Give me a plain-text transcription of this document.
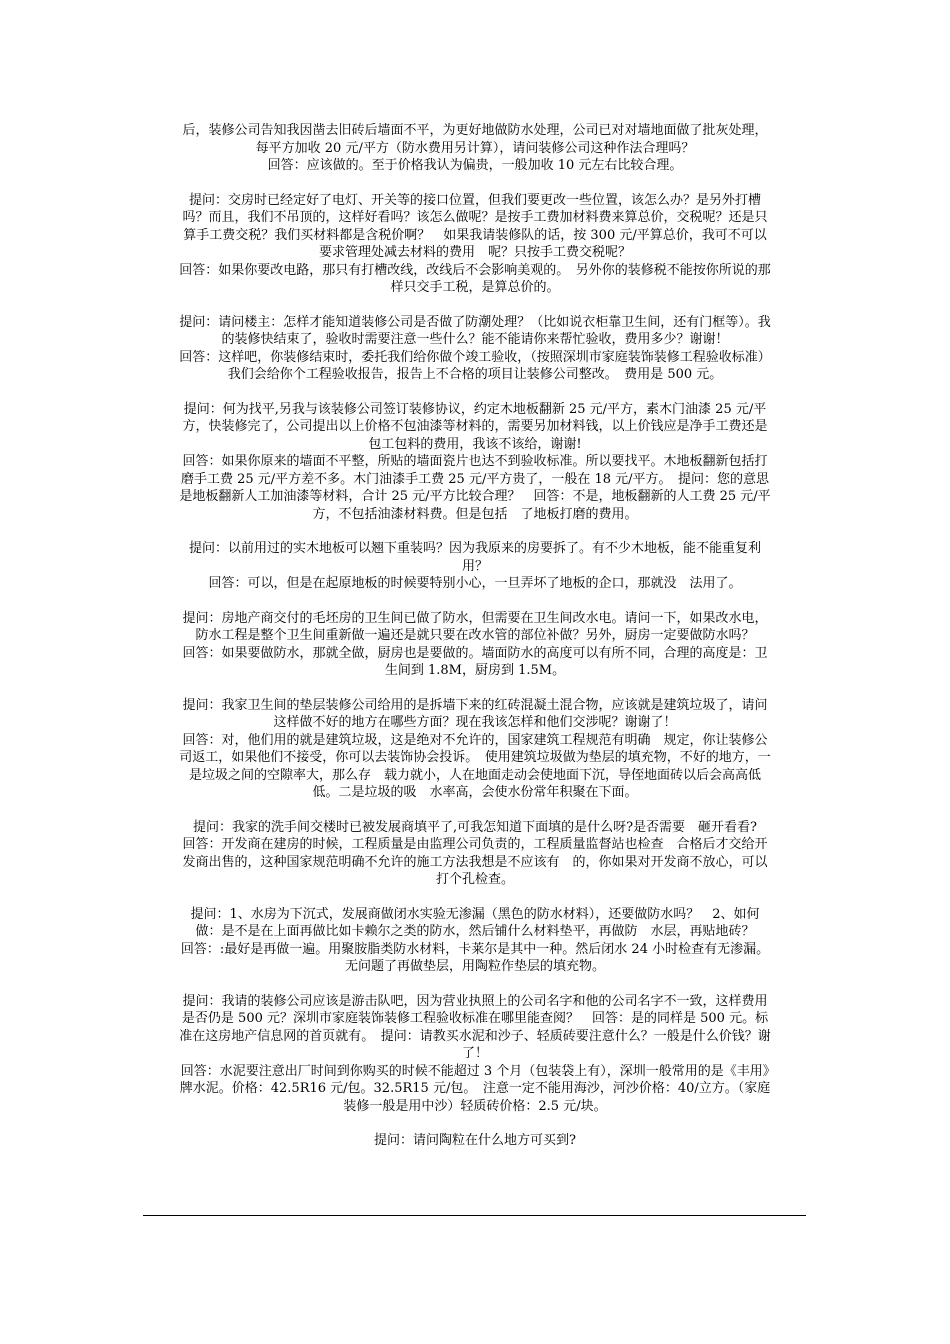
后，装修公司告知我因凿去旧砖后墙面不平，为更好地做防水处理，公司已对对墙地面做了批灰处理，每平方加收 20 元/平方（防水费用另计算），请问装修公司这种作法合理吗？

回答：应该做的。至于价格我认为偏贵，一般加收 10 元左右比较合理。

提问：交房时已经定好了电灯、开关等的接口位置，但我们要更改一些位置，该怎么办？是另外打槽吗？而且，我们不吊顶的，这样好看吗？该怎么做呢？是按手工费加材料费来算总价，交税呢？还是只算手工费交税？我们买材料都是含税价啊？　如果我请装修队的话，按 300 元/平算总价，我可不可以要求管理处减去材料的费用　呢？只按手工费交税呢？

回答：如果你要改电路，那只有打槽改线，改线后不会影响美观的。　另外你的装修税不能按你所说的那样只交手工税，是算总价的。

提问：请问楼主：怎样才能知道装修公司是否做了防潮处理？（比如说衣柜靠卫生间，还有门框等）。我的装修快结束了，验收时需要注意一些什么？能不能请你来帮忙验收，费用多少？谢谢！

回答：这样吧，你装修结束时，委托我们给你做个竣工验收，（按照深圳市家庭装饰装修工程验收标准）我们会给你个工程验收报告，报告上不合格的项目让装修公司整改。　费用是 500 元。

提问：何为找平,另我与该装修公司签订装修协议，约定木地板翻新 25 元/平方，素木门油漆 25 元/平方，快装修完了，公司提出以上价格不包油漆等材料的，需要另加材料钱，以上价钱应是净手工费还是包工包料的费用，我该不该给，谢谢!

回答：如果你原来的墙面不平整，所贴的墙面瓷片也达不到验收标准。所以要找平。木地板翻新包括打磨手工费 25 元/平方差不多。木门油漆手工费 25 元/平方贵了，一般在 18 元/平方。　提问：您的意思是地板翻新人工加油漆等材料，合计 25 元/平方比较合理？　回答：不是，地板翻新的人工费 25 元/平方，不包括油漆材料费。但是包括　了地板打磨的费用。

提问：以前用过的实木地板可以翘下重装吗？因为我原来的房要拆了。有不少木地板，能不能重复利用？

回答：可以，但是在起原地板的时候要特别小心，一旦弄坏了地板的企口，那就没　法用了。

提问：房地产商交付的毛坯房的卫生间已做了防水，但需要在卫生间改水电。请问一下，如果改水电，防水工程是整个卫生间重新做一遍还是就只要在改水管的部位补做？另外，厨房一定要做防水吗？

回答：如果要做防水，那就全做，厨房也是要做的。墙面防水的高度可以有所不同，合理的高度是：卫生间到 1.8M，厨房到 1.5M。

提问：我家卫生间的垫层装修公司给用的是拆墙下来的红砖混凝土混合物，应该就是建筑垃圾了，请问这样做不好的地方在哪些方面？现在我该怎样和他们交涉呢？谢谢了！

回答：对，他们用的就是建筑垃圾，这是绝对不允许的，国家建筑工程规范有明确　规定，你让装修公司返工，如果他们不接受，你可以去装饰协会投诉。　使用建筑垃圾做为垫层的填充物，不好的地方，一是垃圾之间的空隙率大，那么存　载力就小，人在地面走动会使地面下沉，导侄地面砖以后会高高低低。二是垃圾的吸　水率高，会使水份常年积聚在下面。

提问：我家的洗手间交楼时已被发展商填平了,可我怎知道下面填的是什么呀?是否需要　砸开看看?

回答：开发商在建房的时候，工程质量是由监理公司负责的，工程质量监督站也检查　合格后才交给开发商出售的，这种国家规范明确不允许的施工方法我想是不应该有　的，你如果对开发商不放心，可以打个孔检查。

提问：1、水房为下沉式，发展商做闭水实验无渗漏（黑色的防水材料），还要做防水吗？　2、如何做：是不是在上面再做比如卡赖尔之类的防水，然后铺什么材料垫平，再做防　水层，再贴地砖？

回答：:最好是再做一遍。用聚胺脂类防水材料，卡莱尔是其中一种。然后闭水 24 小时检查有无渗漏。无问题了再做垫层，用陶粒作垫层的填充物。

提问：我请的装修公司应该是游击队吧，因为营业执照上的公司名字和他的公司名字不一致，这样费用是否仍是 500 元？深圳市家庭装饰装修工程验收标准在哪里能查阅？　回答：是的同样是 500 元。标准在这房地产信息网的首页就有。　提问：请教买水泥和沙子、轻质砖要注意什么？一般是什么价钱？谢了！

回答：水泥要注意出厂时间到你购买的时候不能超过 3 个月（包装袋上有），深圳一般常用的是《丰用》牌水泥。价格：42.5R16 元/包。32.5R15 元/包。　注意一定不能用海沙，河沙价格：40/立方。（家庭装修一般是用中沙）轻质砖价格：2.5 元/块。

提问：请问陶粒在什么地方可买到?
